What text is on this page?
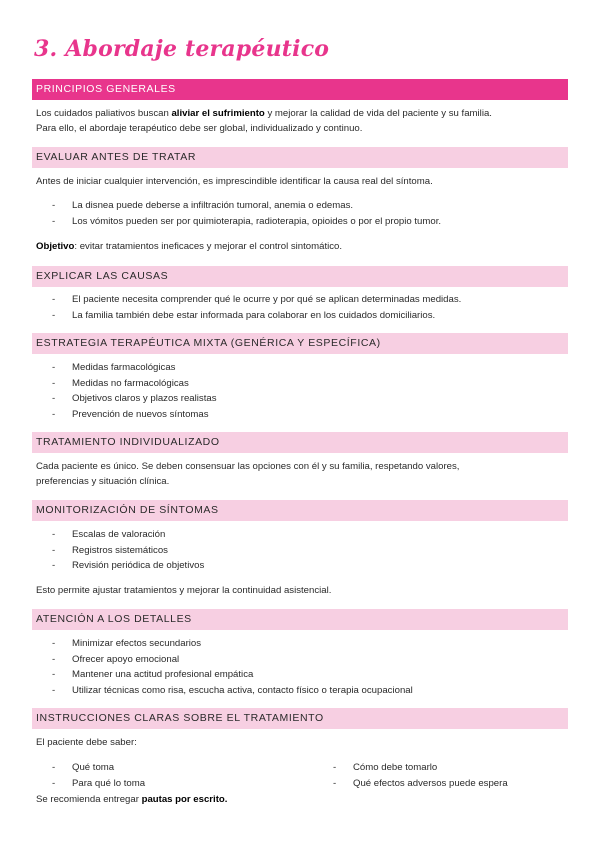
3. Abordaje terapéutico
PRINCIPIOS GENERALES
Los cuidados paliativos buscan aliviar el sufrimiento y mejorar la calidad de vida del paciente y su familia.
Para ello, el abordaje terapéutico debe ser global, individualizado y continuo.
EVALUAR ANTES DE TRATAR
Antes de iniciar cualquier intervención, es imprescindible identificar la causa real del síntoma.
- La disnea puede deberse a infiltración tumoral, anemia o edemas.
- Los vómitos pueden ser por quimioterapia, radioterapia, opioides o por el propio tumor.
Objetivo: evitar tratamientos ineficaces y mejorar el control sintomático.
EXPLICAR LAS CAUSAS
- El paciente necesita comprender qué le ocurre y por qué se aplican determinadas medidas.
- La familia también debe estar informada para colaborar en los cuidados domiciliarios.
ESTRATEGIA TERAPÉUTICA MIXTA (GENÉRICA Y ESPECÍFICA)
- Medidas farmacológicas
- Medidas no farmacológicas
- Objetivos claros y plazos realistas
- Prevención de nuevos síntomas
TRATAMIENTO INDIVIDUALIZADO
Cada paciente es único. Se deben consensuar las opciones con él y su familia, respetando valores,
preferencias y situación clínica.
MONITORIZACIÓN DE SÍNTOMAS
- Escalas de valoración
- Registros sistemáticos
- Revisión periódica de objetivos
Esto permite ajustar tratamientos y mejorar la continuidad asistencial.
ATENCIÓN A LOS DETALLES
- Minimizar efectos secundarios
- Ofrecer apoyo emocional
- Mantener una actitud profesional empática
- Utilizar técnicas como risa, escucha activa, contacto físico o terapia ocupacional
INSTRUCCIONES CLARAS SOBRE EL TRATAMIENTO
El paciente debe saber:
- Qué toma
- Para qué lo toma
- Cómo debe tomarlo
- Qué efectos adversos puede espera
Se recomienda entregar pautas por escrito.
